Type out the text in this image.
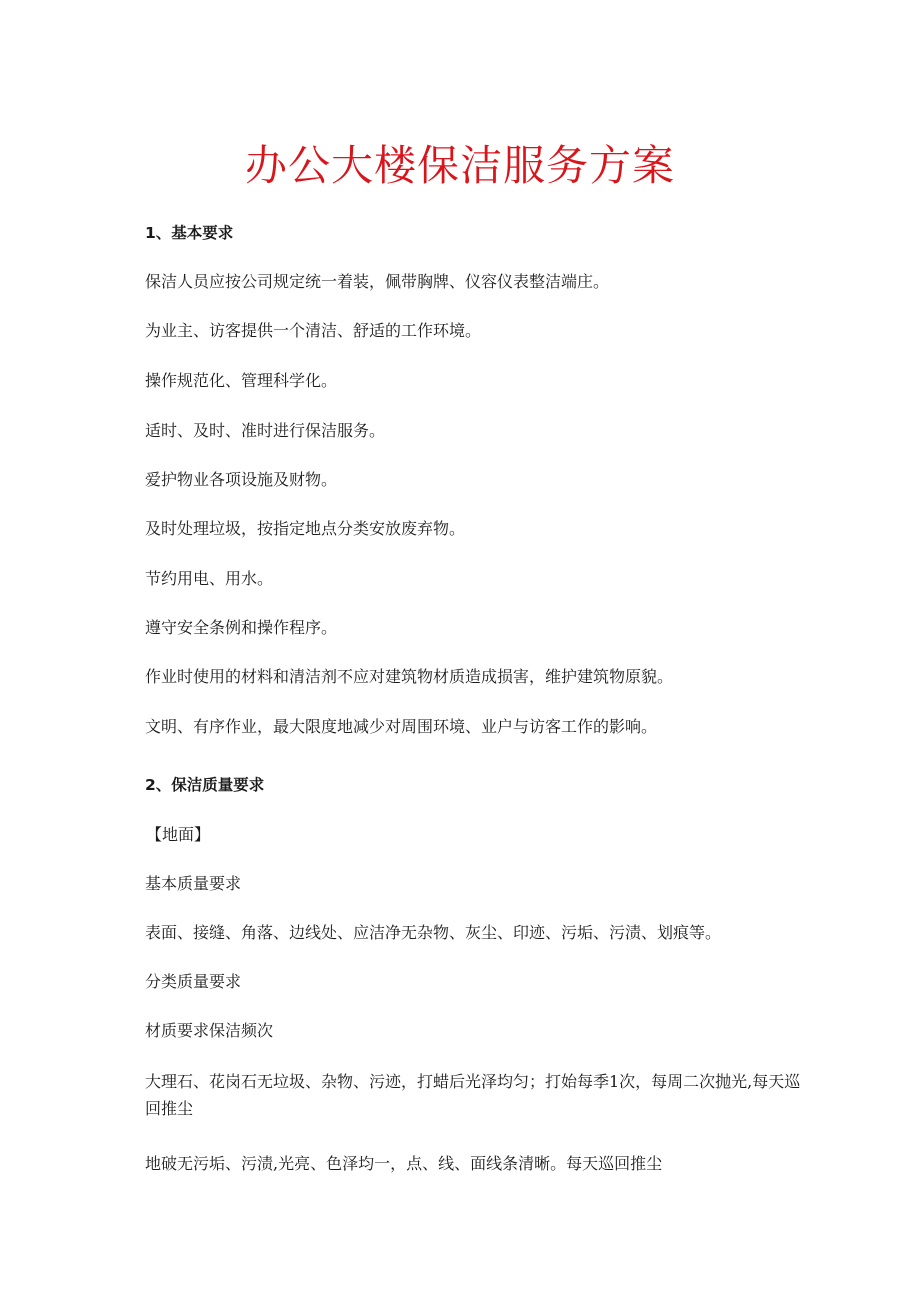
办公大楼保洁服务方案
1、基本要求
保洁人员应按公司规定统一着装，佩带胸牌、仪容仪表整洁端庄。
为业主、访客提供一个清洁、舒适的工作环境。
操作规范化、管理科学化。
适时、及时、准时进行保洁服务。
爱护物业各项设施及财物。
及时处理垃圾，按指定地点分类安放废弃物。
节约用电、用水。
遵守安全条例和操作程序。
作业时使用的材料和清洁剂不应对建筑物材质造成损害，维护建筑物原貌。
文明、有序作业，最大限度地减少对周围环境、业户与访客工作的影响。
2、保洁质量要求
【地面】
基本质量要求
表面、接缝、角落、边线处、应洁净无杂物、灰尘、印迹、污垢、污渍、划痕等。
分类质量要求
材质要求保洁频次
大理石、花岗石无垃圾、杂物、污迹，打蜡后光泽均匀；打始每季1次，每周二次抛光,每天巡回推尘
地破无污垢、污渍,光亮、色泽均一，点、线、面线条清晰。每天巡回推尘
